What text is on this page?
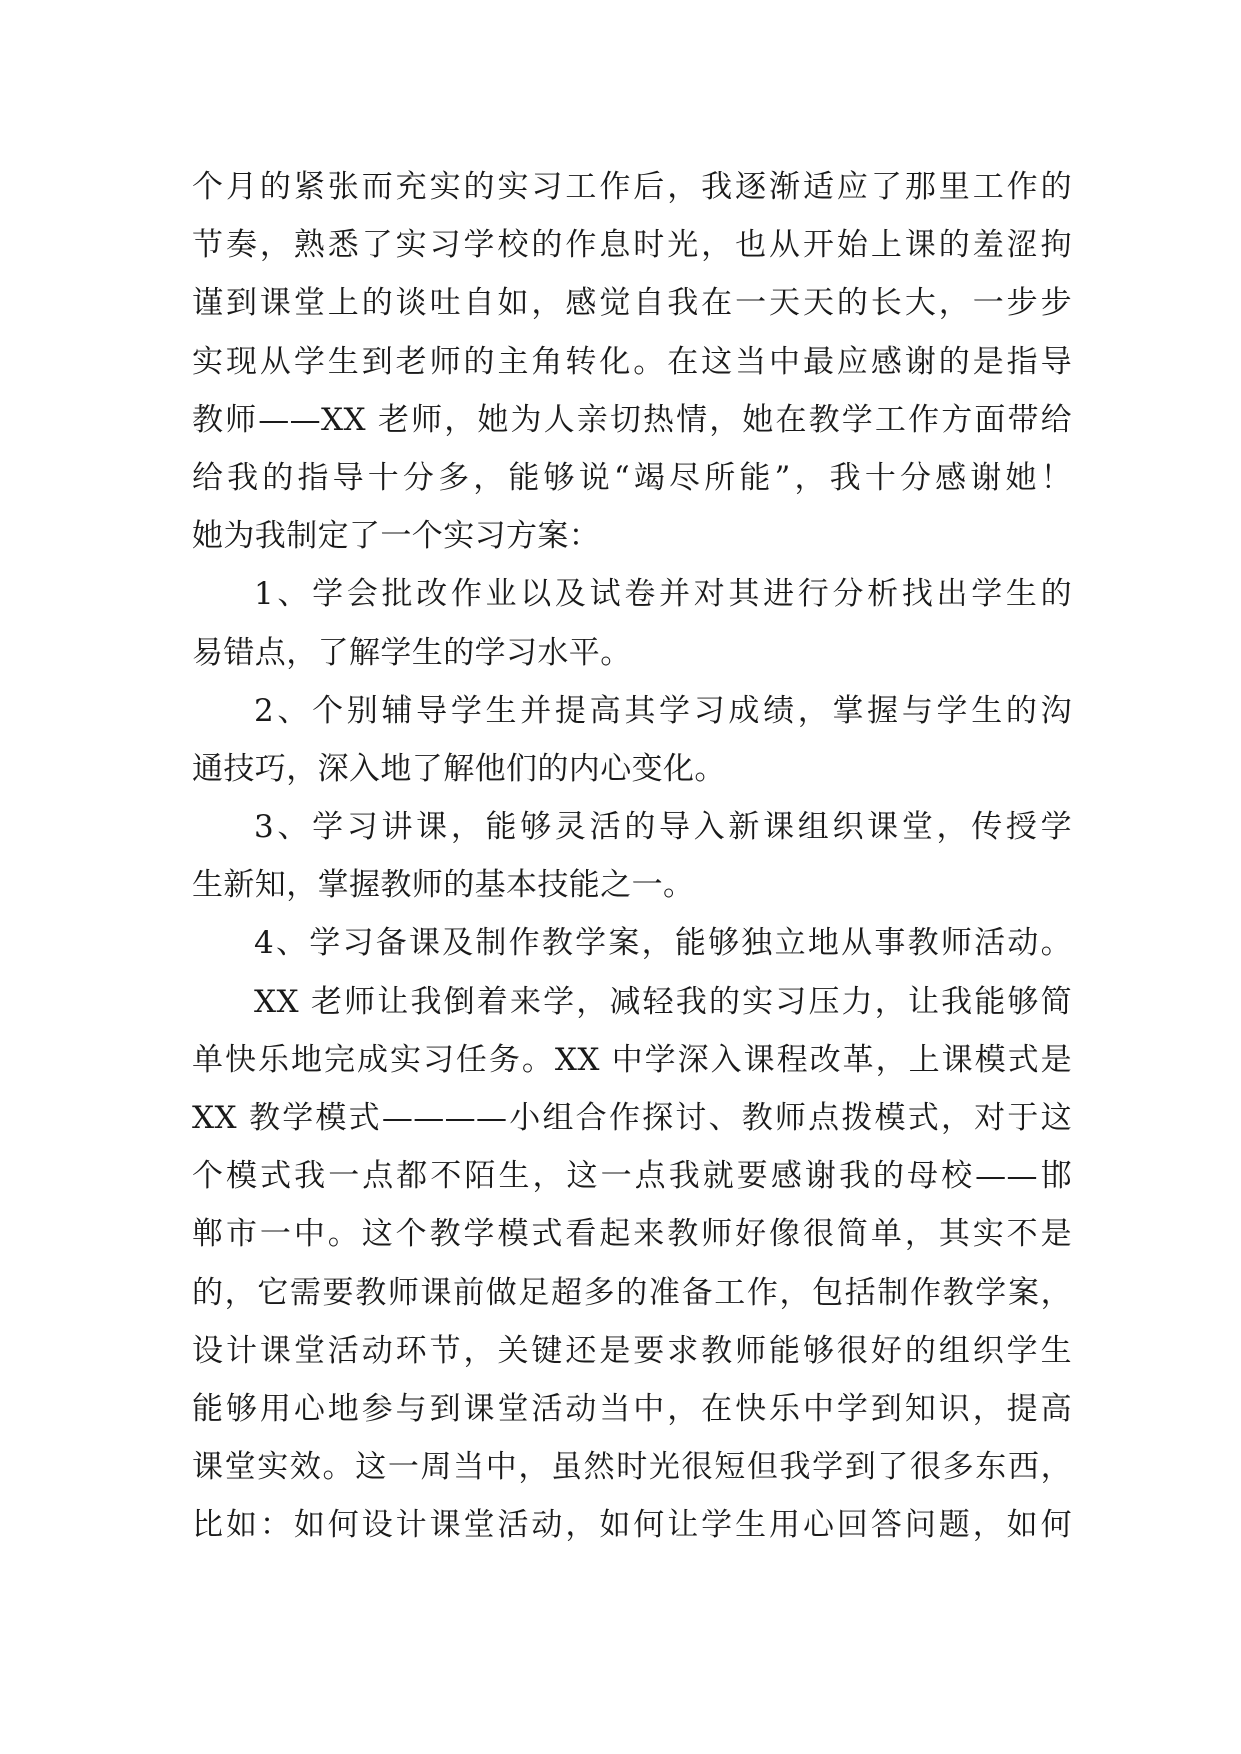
个月的紧张而充实的实习工作后，我逐渐适应了那里工作的
节奏，熟悉了实习学校的作息时光，也从开始上课的羞涩拘
谨到课堂上的谈吐自如，感觉自我在一天天的长大，一步步
实现从学生到老师的主角转化。在这当中最应感谢的是指导
教师——XX 老师，她为人亲切热情，她在教学工作方面带给
给我的指导十分多，能够说“竭尽所能”，我十分感谢她！
她为我制定了一个实习方案：
1、学会批改作业以及试卷并对其进行分析找出学生的
易错点，了解学生的学习水平。
2、个别辅导学生并提高其学习成绩，掌握与学生的沟
通技巧，深入地了解他们的内心变化。
3、学习讲课，能够灵活的导入新课组织课堂，传授学
生新知，掌握教师的基本技能之一。
4、学习备课及制作教学案，能够独立地从事教师活动。
XX 老师让我倒着来学，减轻我的实习压力，让我能够简
单快乐地完成实习任务。XX 中学深入课程改革，上课模式是
XX 教学模式————小组合作探讨、教师点拨模式，对于这
个模式我一点都不陌生，这一点我就要感谢我的母校——邯
郸市一中。这个教学模式看起来教师好像很简单，其实不是
的，它需要教师课前做足超多的准备工作，包括制作教学案，
设计课堂活动环节，关键还是要求教师能够很好的组织学生
能够用心地参与到课堂活动当中，在快乐中学到知识，提高
课堂实效。这一周当中，虽然时光很短但我学到了很多东西，
比如：如何设计课堂活动，如何让学生用心回答问题，如何
